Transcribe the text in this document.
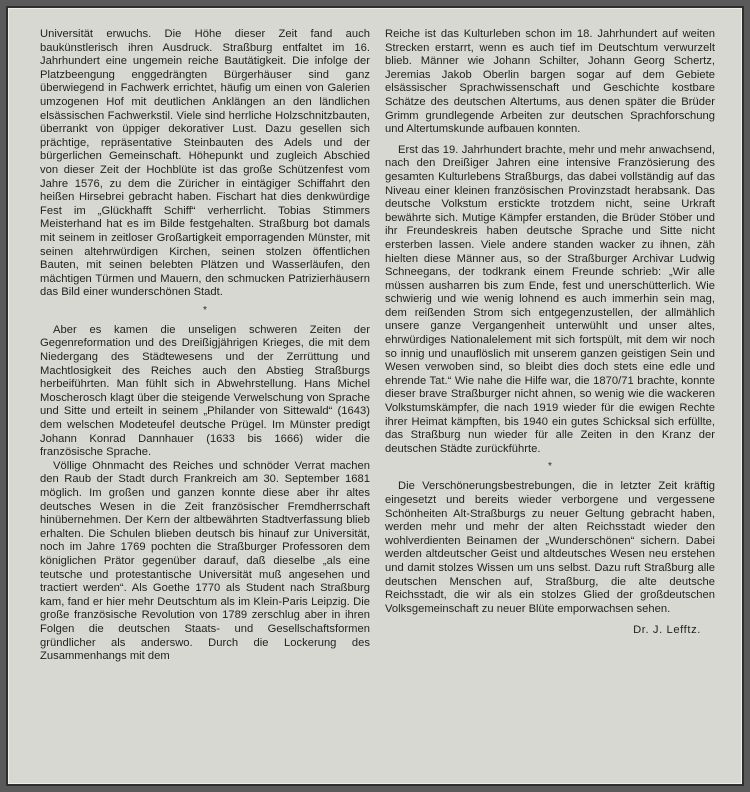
Universität erwuchs. Die Höhe dieser Zeit fand auch baukünstlerisch ihren Ausdruck. Straßburg entfaltet im 16. Jahrhundert eine ungemein reiche Bautätigkeit. Die infolge der Platzbeengung enggedrängten Bürgerhäuser sind ganz überwiegend in Fachwerk errichtet, häufig um einen von Galerien umzogenen Hof mit deutlichen Anklängen an den ländlichen elsässischen Fachwerkstil. Viele sind herrliche Holzschnitzbauten, überrankt von üppiger dekorativer Lust. Dazu gesellen sich prächtige, repräsentative Steinbauten des Adels und der bürgerlichen Gemeinschaft. Höhepunkt und zugleich Abschied von dieser Zeit der Hochblüte ist das große Schützenfest vom Jahre 1576, zu dem die Züricher in eintägiger Schiffahrt den heißen Hirsebrei gebracht haben. Fischart hat dies denkwürdige Fest im „Glückhafft Schiff“ verherrlicht. Tobias Stimmers Meisterhand hat es im Bilde festgehalten. Straßburg bot damals mit seinem in zeitloser Großartigkeit emporragenden Münster, mit seinen altehrwürdigen Kirchen, seinen stolzen öffentlichen Bauten, mit seinen belebten Plätzen und Wasserläufen, den mächtigen Türmen und Mauern, den schmucken Patrizierhäusern das Bild einer wunderschönen Stadt.

*

Aber es kamen die unseligen schweren Zeiten der Gegenreformation und des Dreißigjährigen Krieges, die mit dem Niedergang des Städtewesens und der Zerrüttung und Machtlosigkeit des Reiches auch den Abstieg Straßburgs herbeiführten. Man fühlt sich in Abwehrstellung. Hans Michel Moscherosch klagt über die steigende Verwelschung von Sprache und Sitte und erteilt in seinem „Philander von Sittewald“ (1643) dem welschen Modeteufel deutsche Prügel. Im Münster predigt Johann Konrad Dannhauer (1633 bis 1666) wider die französische Sprache.

Völlige Ohnmacht des Reiches und schnöder Verrat machen den Raub der Stadt durch Frankreich am 30. September 1681 möglich. Im großen und ganzen konnte diese aber ihr altes deutsches Wesen in die Zeit französischer Fremdherrschaft hinübernehmen. Der Kern der altbewährten Stadtverfassung blieb erhalten. Die Schulen blieben deutsch bis hinauf zur Universität, noch im Jahre 1769 pochten die Straßburger Professoren dem königlichen Prätor gegenüber darauf, daß dieselbe „als eine teutsche und protestantische Universität muß angesehen und tractiert werden“. Als Goethe 1770 als Student nach Straßburg kam, fand er hier mehr Deutschtum als im Klein-Paris Leipzig. Die große französische Revolution von 1789 zerschlug aber in ihren Folgen die deutschen Staats- und Gesellschaftsformen gründlicher als anderswo. Durch die Lockerung des Zusammenhangs mit dem

Reiche ist das Kulturleben schon im 18. Jahrhundert auf weiten Strecken erstarrt, wenn es auch tief im Deutschtum verwurzelt blieb. Männer wie Johann Schilter, Johann Georg Schertz, Jeremias Jakob Oberlin bargen sogar auf dem Gebiete elsässischer Sprachwissenschaft und Geschichte kostbare Schätze des deutschen Altertums, aus denen später die Brüder Grimm grundlegende Arbeiten zur deutschen Sprachforschung und Altertumskunde aufbauen konnten.

Erst das 19. Jahrhundert brachte, mehr und mehr anwachsend, nach den Dreißiger Jahren eine intensive Französierung des gesamten Kulturlebens Straßburgs, das dabei vollständig auf das Niveau einer kleinen französischen Provinzstadt herabsank. Das deutsche Volkstum erstickte trotzdem nicht, seine Urkraft bewährte sich. Mutige Kämpfer erstanden, die Brüder Stöber und ihr Freundeskreis haben deutsche Sprache und Sitte nicht ersterben lassen. Viele andere standen wacker zu ihnen, zäh hielten diese Männer aus, so der Straßburger Archivar Ludwig Schneegans, der todkrank einem Freunde schrieb: „Wir alle müssen ausharren bis zum Ende, fest und unerschütterlich. Wie schwierig und wie wenig lohnend es auch immerhin sein mag, dem reißenden Strom sich entgegenzustellen, der allmählich unsere ganze Vergangenheit unterwühlt und unser altes, ehrwürdiges Nationalelement mit sich fortspült, mit dem wir noch so innig und unauflöslich mit unserem ganzen geistigen Sein und Wesen verwoben sind, so bleibt dies doch stets eine edle und ehrende Tat.“ Wie nahe die Hilfe war, die 1870/71 brachte, konnte dieser brave Straßburger nicht ahnen, so wenig wie die wackeren Volkstumskämpfer, die nach 1919 wieder für die ewigen Rechte ihrer Heimat kämpften, bis 1940 ein gutes Schicksal sich erfüllte, das Straßburg nun wieder für alle Zeiten in den Kranz der deutschen Städte zurückführte.

*

Die Verschönerungsbestrebungen, die in letzter Zeit kräftig eingesetzt und bereits wieder verborgene und vergessene Schönheiten Alt-Straßburgs zu neuer Geltung gebracht haben, werden mehr und mehr der alten Reichsstadt wieder den wohlverdienten Beinamen der „Wunderschönen“ sichern. Dabei werden altdeutscher Geist und altdeutsches Wesen neu erstehen und damit stolzes Wissen um uns selbst. Dazu ruft Straßburg alle deutschen Menschen auf, Straßburg, die alte deutsche Reichsstadt, die wir als ein stolzes Glied der großdeutschen Volksgemeinschaft zu neuer Blüte emporwachsen sehen.

Dr. J. Lefftz.
